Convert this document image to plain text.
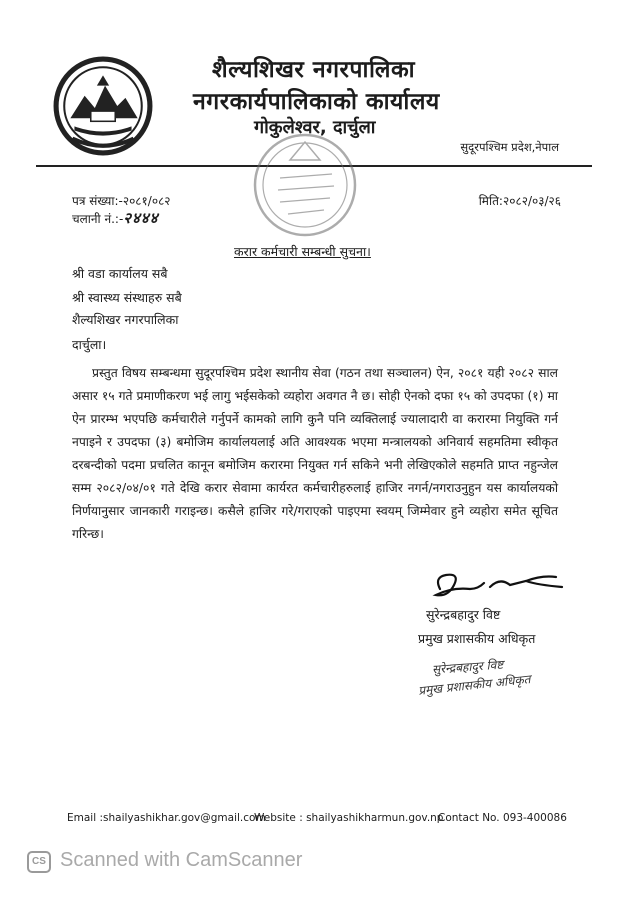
शैल्यशिखर नगरपालिका
नगरकार्यपालिकाको कार्यालय
गोकुलेश्वर, दार्चुला
सुदूरपश्चिम प्रदेश,नेपाल
पत्र संख्या:-२०८१/०८२
चलानी नं.:-२४४४
मिति:२०८२/०३/२६
करार कर्मचारी सम्बन्धी सुचना।
श्री वडा कार्यालय सबै
श्री स्वास्थ्य संस्थाहरु सबै
शैल्यशिखर नगरपालिका
दार्चुला।
प्रस्तुत विषय सम्बन्धमा सुदूरपश्चिम प्रदेश स्थानीय सेवा (गठन तथा सञ्चालन) ऐन, २०८१ यही २०८२ साल असार १५ गते प्रमाणीकरण भई लागु भईसकेको व्यहोरा अवगत नै छ। सोही ऐनको दफा १५ को उपदफा (१) मा ऐन प्रारम्भ भएपछि कर्मचारीले गर्नुपर्ने कामको लागि कुनै पनि व्यक्तिलाई ज्यालादारी वा करारमा नियुक्ति गर्न नपाइने र उपदफा (३) बमोजिम कार्यालयलाई अति आवश्यक भएमा मन्त्रालयको अनिवार्य सहमतिमा स्वीकृत दरबन्दीको पदमा प्रचलित कानून बमोजिम करारमा नियुक्त गर्न सकिने भनी लेखिएकोले सहमति प्राप्त नहुन्जेल सम्म २०८२/०४/०१ गते देखि करार सेवामा कार्यरत कर्मचारीहरुलाई हाजिर नगर्न/नगराउनुहुन यस कार्यालयको निर्णयानुसार जानकारी गराइन्छ। कसैले हाजिर गरे/गराएको पाइएमा स्वयम् जिम्मेवार हुने व्यहोरा समेत सूचित गरिन्छ।
सुरेन्द्रबहादुर विष्ट
प्रमुख प्रशासकीय अधिकृत
सुरेन्द्रबहादुर विष्ट
प्रमुख प्रशासकीय अधिकृत
Email :shailyashikhar.gov@gmail.com
Website : shailyashikharmun.gov.np
Contact No. 093-400086
CS Scanned with CamScanner
